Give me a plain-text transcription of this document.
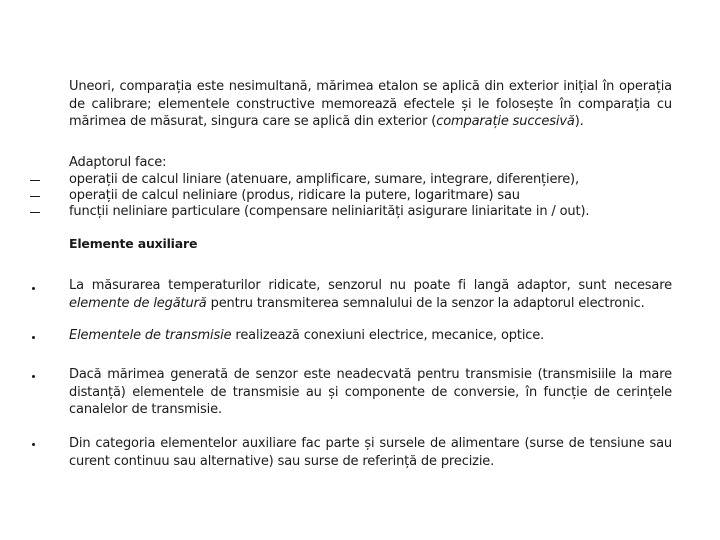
Uneori, comparația este nesimultană, mărimea etalon se aplică din exterior inițial în operația de calibrare; elementele constructive memorează efectele și le folosește în comparația cu mărimea de măsurat, singura care se aplică din exterior (comparație succesivă).
Adaptorul face:
operații de calcul liniare (atenuare, amplificare, sumare, integrare, diferențiere),
operații de calcul neliniare (produs, ridicare la putere, logaritmare) sau
funcții neliniare particulare (compensare neliniarități asigurare liniaritate in / out).
Elemente auxiliare
La măsurarea temperaturilor ridicate, senzorul nu poate fi langă adaptor, sunt necesare elemente de legătură pentru transmiterea semnalului de la senzor la adaptorul electronic.
Elementele de transmisie realizează conexiuni electrice, mecanice, optice.
Dacă mărimea generată de senzor este neadecvată pentru transmisie (transmisiile la mare distanță) elementele de transmisie au și componente de conversie, în funcție de cerințele canalelor de transmisie.
Din categoria elementelor auxiliare fac parte și sursele de alimentare (surse de tensiune sau curent continuu sau alternative) sau surse de referință de precizie.
